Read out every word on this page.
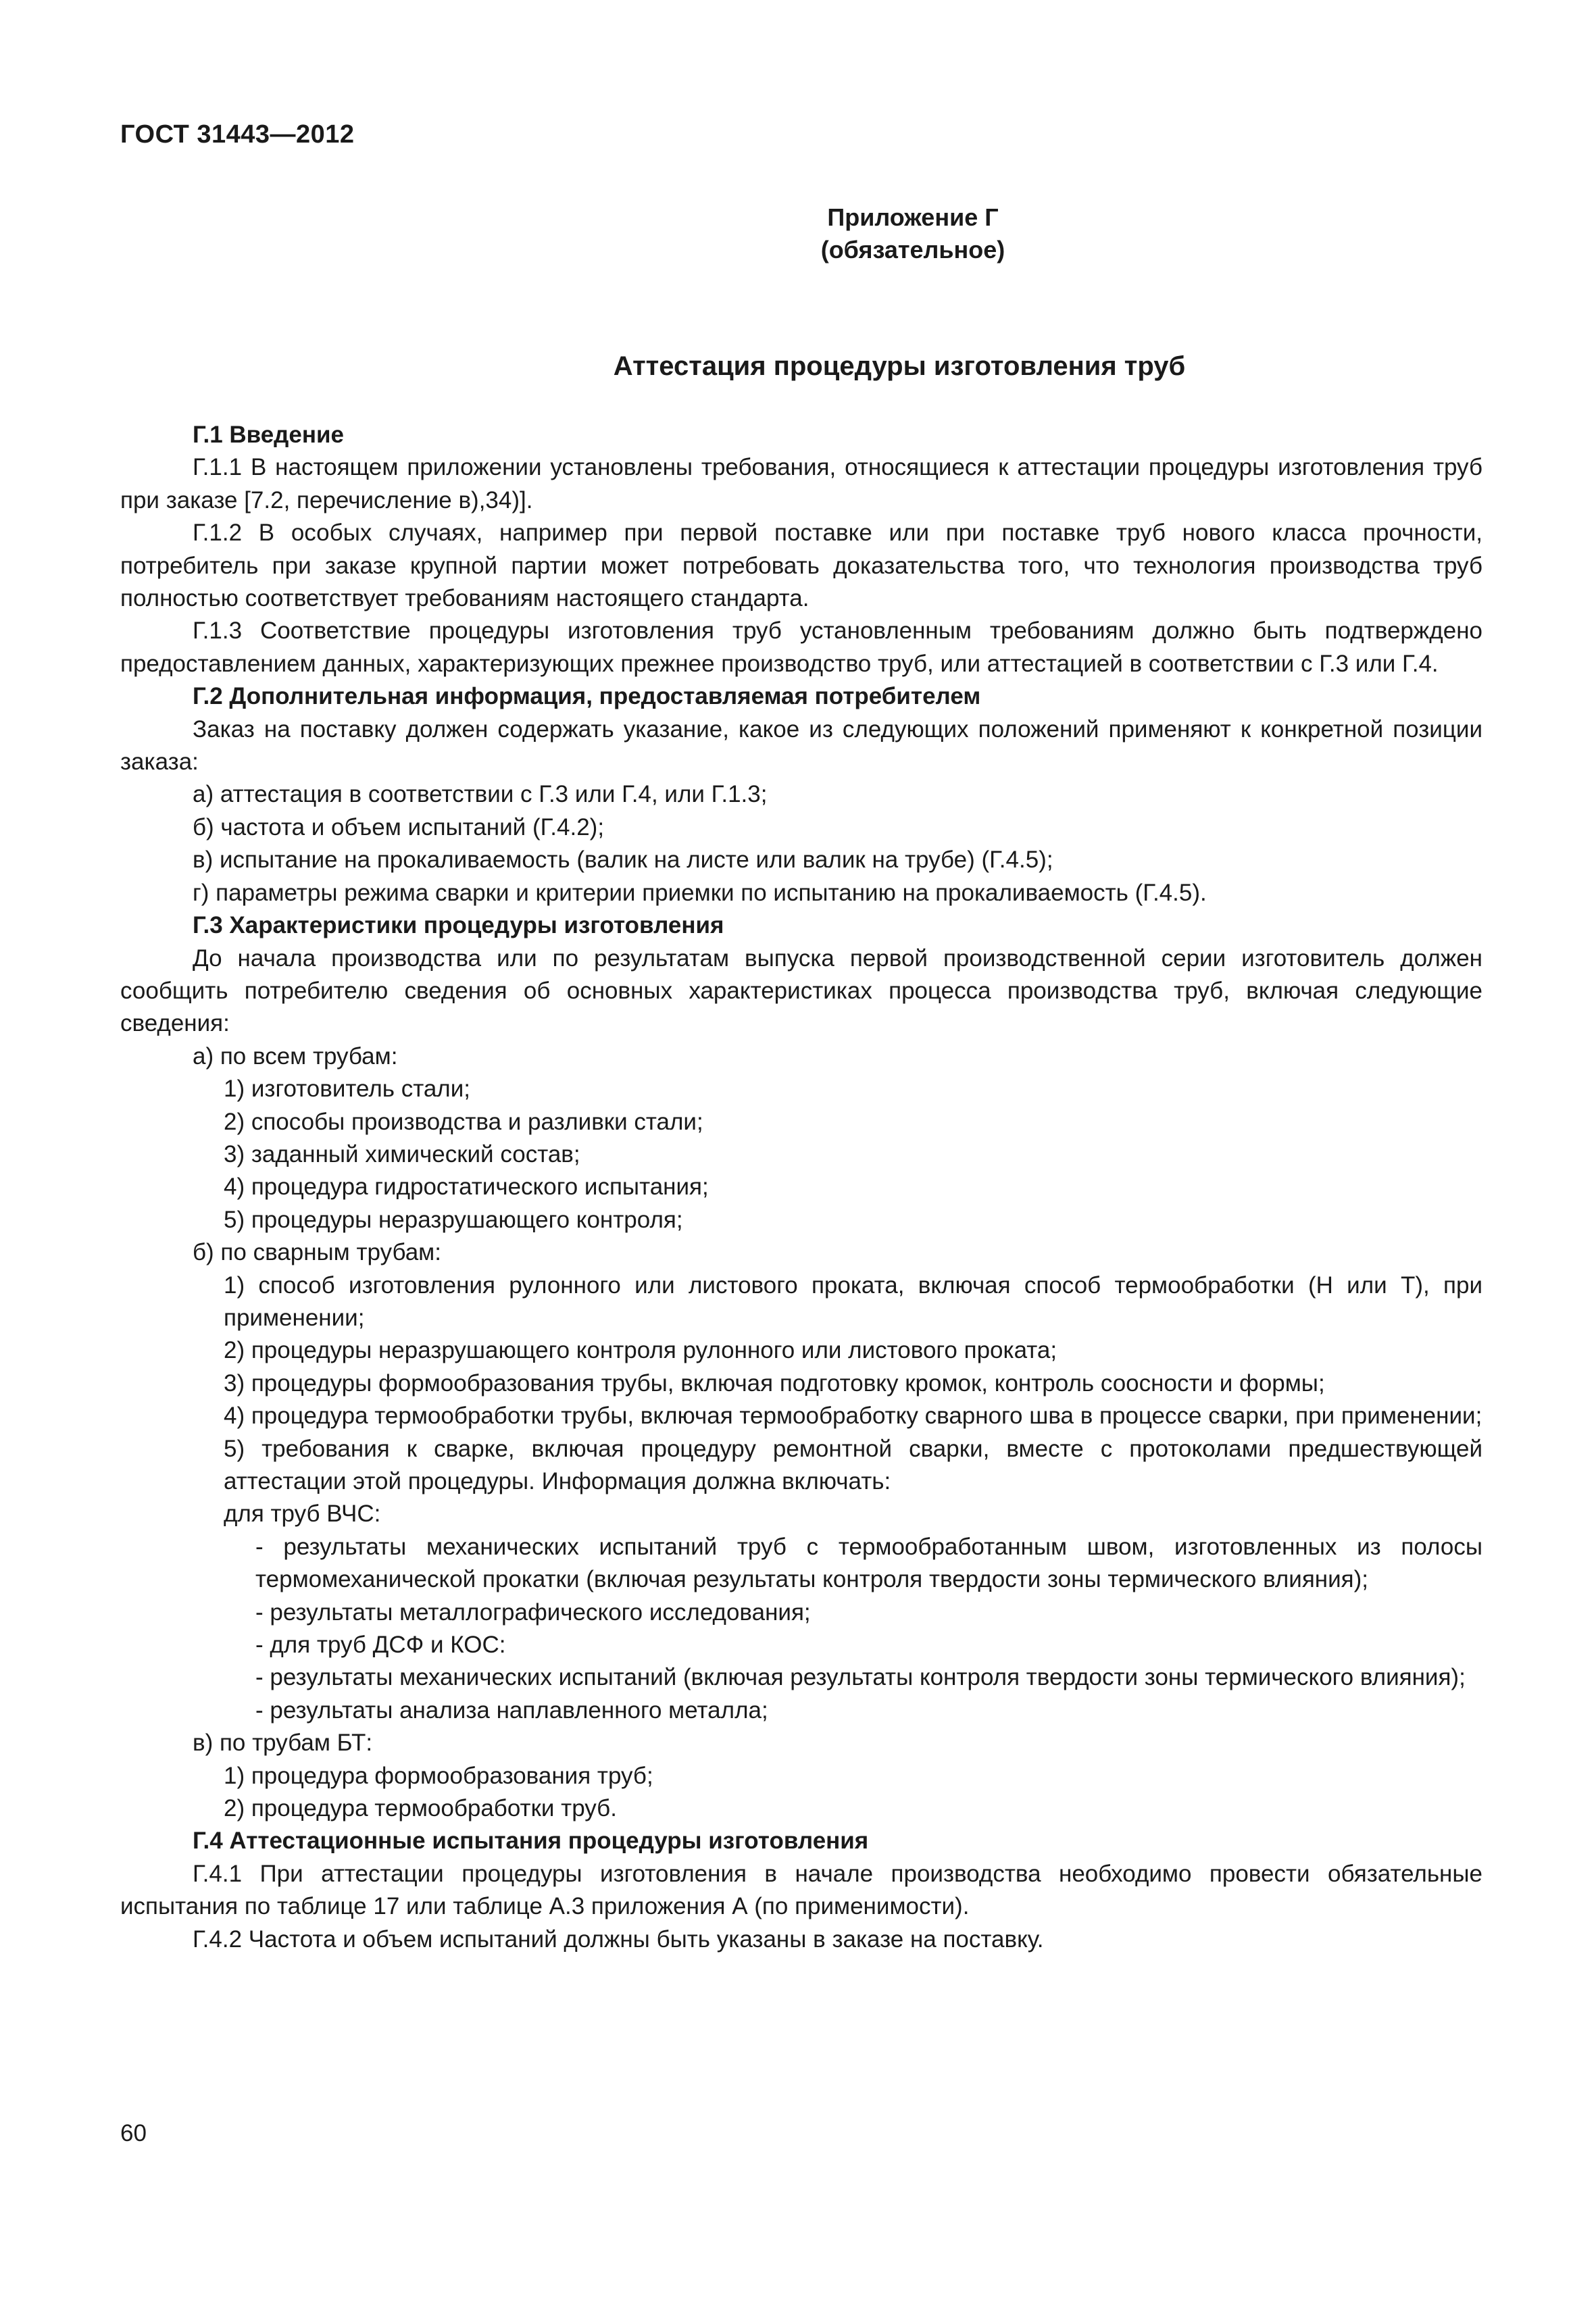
ГОСТ 31443—2012
Приложение Г
(обязательное)
Аттестация процедуры изготовления труб

Г.1 Введение

Г.1.1 В настоящем приложении установлены требования, относящиеся к аттестации процедуры изготовления труб при заказе [7.2, перечисление в),34)].

Г.1.2 В особых случаях, например при первой поставке или при поставке труб нового класса прочности, потребитель при заказе крупной партии может потребовать доказательства того, что технология производства труб полностью соответствует требованиям настоящего стандарта.

Г.1.3 Соответствие процедуры изготовления труб установленным требованиям должно быть подтверждено предоставлением данных, характеризующих прежнее производство труб, или аттестацией в соответствии с Г.3 или Г.4.

Г.2 Дополнительная информация, предоставляемая потребителем

Заказ на поставку должен содержать указание, какое из следующих положений применяют к конкретной позиции заказа:

а) аттестация в соответствии с Г.3 или Г.4, или Г.1.3;

б) частота и объем испытаний (Г.4.2);

в) испытание на прокаливаемость (валик на листе или валик на трубе) (Г.4.5);

г) параметры режима сварки и критерии приемки по испытанию на прокаливаемость (Г.4.5).

Г.3 Характеристики процедуры изготовления

До начала производства или по результатам выпуска первой производственной серии изготовитель должен сообщить потребителю сведения об основных характеристиках процесса производства труб, включая следующие сведения:

а) по всем трубам:

1) изготовитель стали;

2) способы производства и разливки стали;

3) заданный химический состав;

4) процедура гидростатического испытания;

5) процедуры неразрушающего контроля;

б) по сварным трубам:

1) способ изготовления рулонного или листового проката, включая способ термообработки (Н или Т), при применении;

2) процедуры неразрушающего контроля рулонного или листового проката;

3) процедуры формообразования трубы, включая подготовку кромок, контроль соосности и формы;

4) процедура термообработки трубы, включая термообработку сварного шва в процессе сварки, при применении;

5) требования к сварке, включая процедуру ремонтной сварки, вместе с протоколами предшествующей аттестации этой процедуры. Информация должна включать:

для труб ВЧС:

- результаты механических испытаний труб с термообработанным швом, изготовленных из полосы термомеханической прокатки (включая результаты контроля твердости зоны термического влияния);

- результаты металлографического исследования;

- для труб ДСФ и КОС:

- результаты механических испытаний (включая результаты контроля твердости зоны термического влияния);

- результаты анализа наплавленного металла;

в) по трубам БТ:

1) процедура формообразования труб;

2) процедура термообработки труб.

Г.4 Аттестационные испытания процедуры изготовления

Г.4.1 При аттестации процедуры изготовления в начале производства необходимо провести обязательные испытания по таблице 17 или таблице А.3 приложения А (по применимости).

Г.4.2 Частота и объем испытаний должны быть указаны в заказе на поставку.

60
